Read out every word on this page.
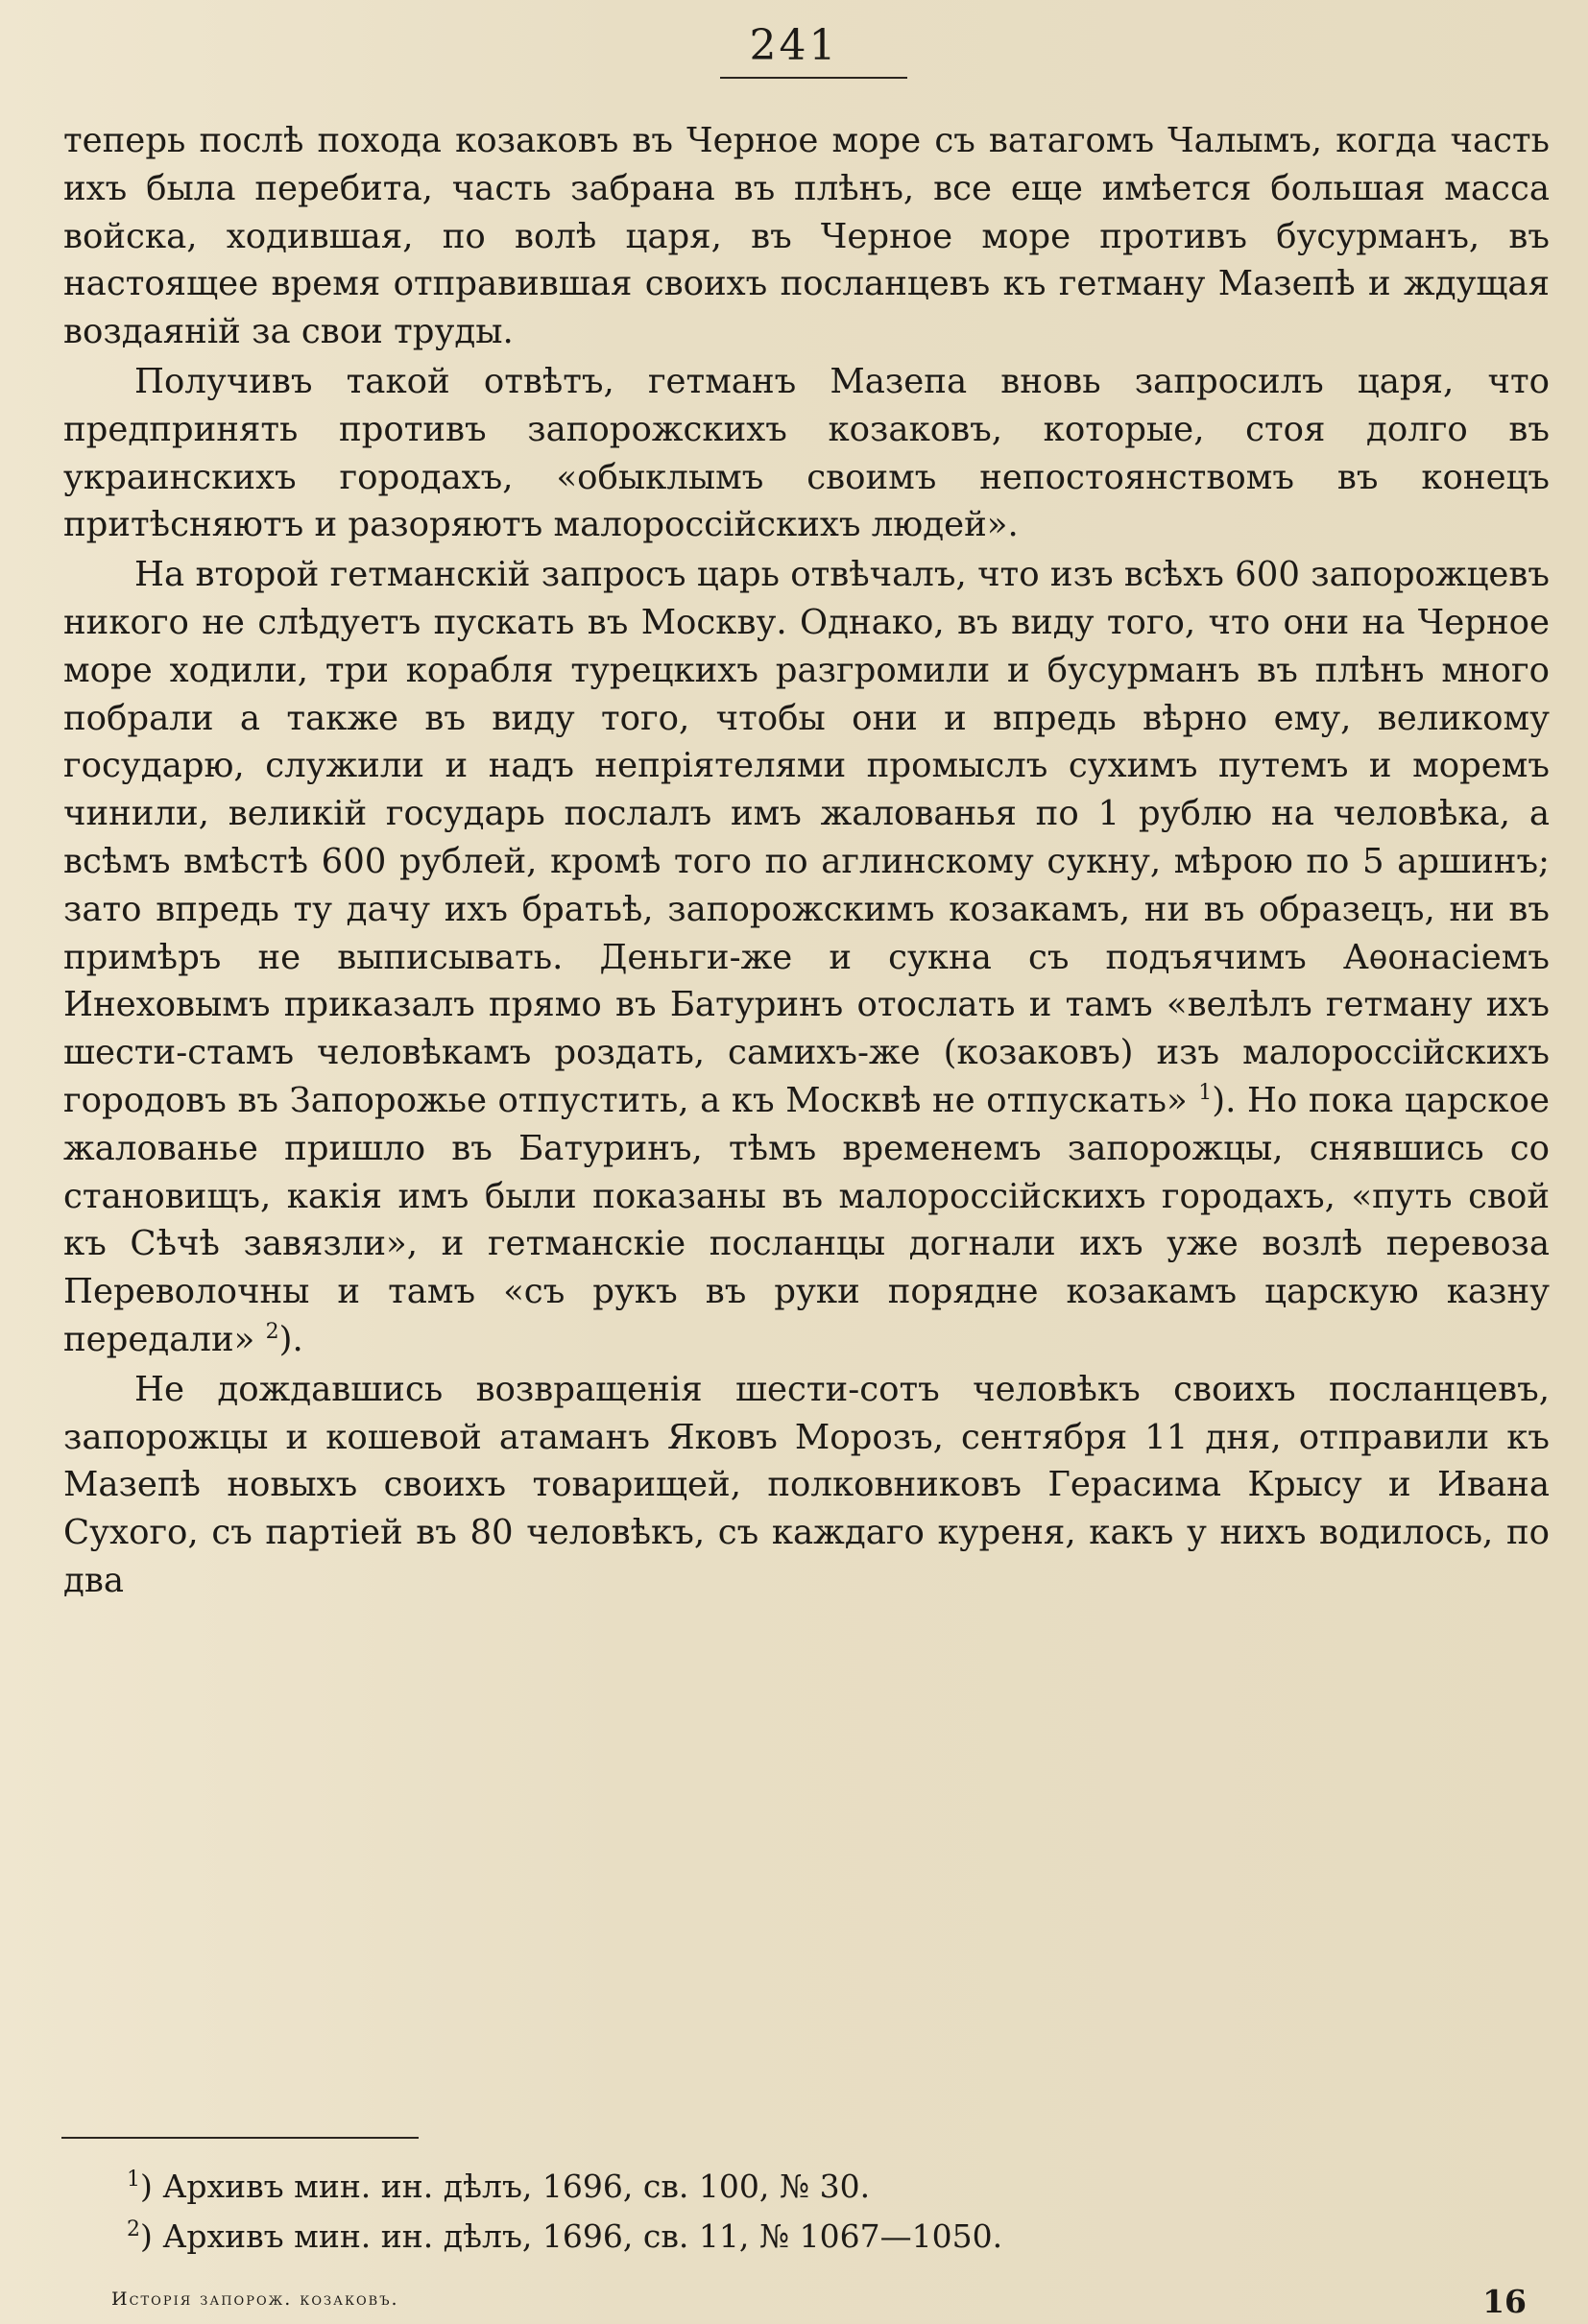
241

теперь послѣ похода козаковъ въ Черное море съ ватагомъ Чалымъ, когда часть ихъ была перебита, часть забрана въ плѣнъ, все еще имѣется большая масса войска, ходившая, по волѣ царя, въ Черное море противъ бусурманъ, въ настоящее время отправившая своихъ посланцевъ къ гетману Мазепѣ и ждущая воздаяній за свои труды.

Получивъ такой отвѣтъ, гетманъ Мазепа вновь запросилъ царя, что предпринять противъ запорожскихъ козаковъ, которые, стоя долго въ украинскихъ городахъ, «обыклымъ своимъ непостоянствомъ въ конецъ притѣсняютъ и разоряютъ малороссійскихъ людей».

На второй гетманскій запросъ царь отвѣчалъ, что изъ всѣхъ 600 запорожцевъ никого не слѣдуетъ пускать въ Москву. Однако, въ виду того, что они на Черное море ходили, три корабля турецкихъ разгромили и бусурманъ въ плѣнъ много побрали а также въ виду того, чтобы они и впредь вѣрно ему, великому государю, служили и надъ непріятелями промыслъ сухимъ путемъ и моремъ чинили, великій государь послалъ имъ жалованья по 1 рублю на человѣка, а всѣмъ вмѣстѣ 600 рублей, кромѣ того по аглинскому сукну, мѣрою по 5 аршинъ; зато впредь ту дачу ихъ братьѣ, запорожскимъ козакамъ, ни въ образецъ, ни въ примѣръ не выписывать. Деньги-же и сукна съ подъячимъ Аѳонасіемъ Инеховымъ приказалъ прямо въ Батуринъ отослать и тамъ «велѣлъ гетману ихъ шести-стамъ человѣкамъ роздать, самихъ-же (козаковъ) изъ малороссійскихъ городовъ въ Запорожье отпустить, а къ Москвѣ не отпускать» $^1$). Но пока царское жалованье пришло въ Батуринъ, тѣмъ временемъ запорожцы, снявшись со становищъ, какія имъ были показаны въ малороссійскихъ городахъ, «путь свой къ Сѣчѣ завязли», и гетманскіе посланцы догнали ихъ уже возлѣ перевоза Переволочны и тамъ «съ рукъ въ руки порядне козакамъ царскую казну передали» $^2$).

Не дождавшись возвращенія шести-сотъ человѣкъ своихъ посланцевъ, запорожцы и кошевой атаманъ Яковъ Морозъ, сентября 11 дня, отправили къ Мазепѣ новыхъ своихъ товарищей, полковниковъ Герасима Крысу и Ивана Сухого, съ партіей въ 80 человѣкъ, съ каждаго куреня, какъ у нихъ водилось, по два

$^1$) Архивъ мин. ин. дѣлъ, 1696, св. 100, № 30.
$^2$) Архивъ мин. ин. дѣлъ, 1696, св. 11, № 1067—1050.
Исторія запорож. козаковъ.	16
